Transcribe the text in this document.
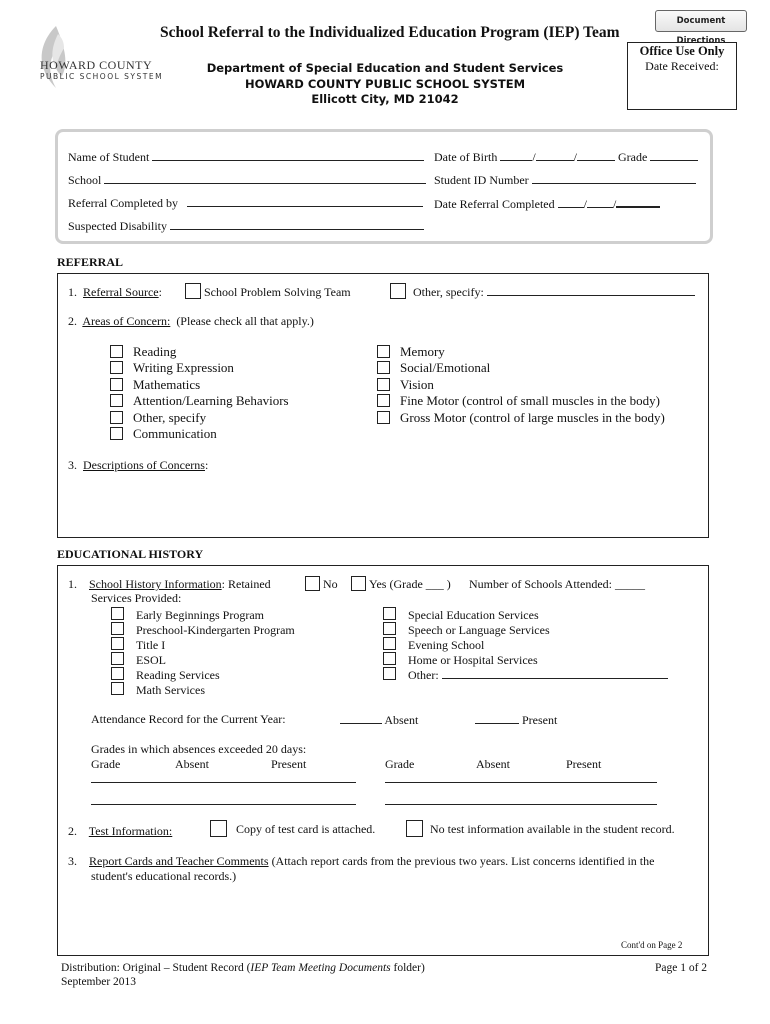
Document Directions
HOWARD COUNTY
PUBLIC SCHOOL SYSTEM
School Referral to the Individualized Education Program (IEP) Team
Department of Special Education and Student Services
HOWARD COUNTY PUBLIC SCHOOL SYSTEM
Ellicott City, MD 21042
Office Use Only
Date Received:
Name of Student	Date of Birth	/	/	Grade
School	Student ID Number
Referral Completed by	Date Referral Completed / /
Suspected Disability
REFERRAL
1. Referral Source:	School Problem Solving Team	Other, specify:
2. Areas of Concern: (Please check all that apply.)
Reading
Writing Expression
Mathematics
Attention/Learning Behaviors
Other, specify
Communication
Memory
Social/Emotional
Vision
Fine Motor (control of small muscles in the body)
Gross Motor (control of large muscles in the body)
3. Descriptions of Concerns:
EDUCATIONAL HISTORY
1. School History Information: Retained	No	Yes (Grade ___ ) Number of Schools Attended: _____
Services Provided:
Early Beginnings Program
Preschool-Kindergarten Program
Title I
ESOL
Reading Services
Math Services
Special Education Services
Speech or Language Services
Evening School
Home or Hospital Services
Other:
Attendance Record for the Current Year:	Absent	Present
Grades in which absences exceeded 20 days:
Grade	Absent	Present	Grade	Absent	Present
2. Test Information:	Copy of test card is attached.	No test information available in the student record.
3. Report Cards and Teacher Comments (Attach report cards from the previous two years. List concerns identified in the
student's educational records.)
Cont'd on Page 2
Distribution: Original – Student Record (IEP Team Meeting Documents folder)
September 2013
Page 1 of 2
